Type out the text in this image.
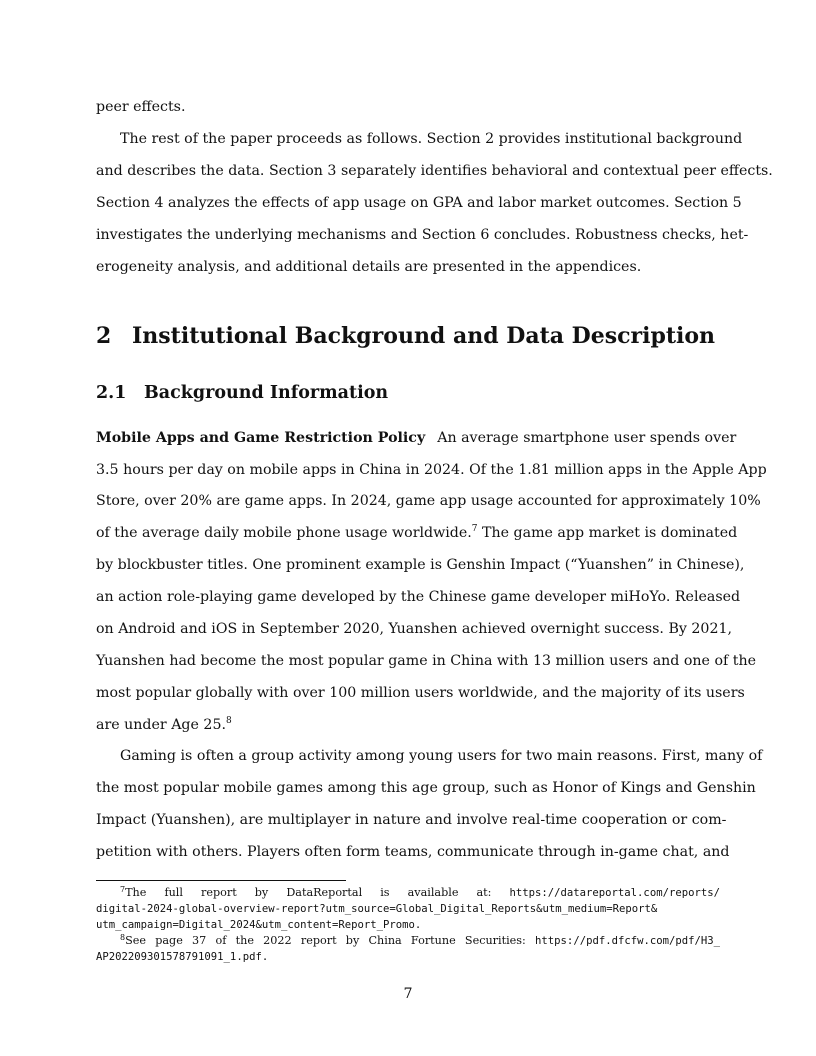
peer effects.
The rest of the paper proceeds as follows. Section 2 provides institutional background
and describes the data. Section 3 separately identifies behavioral and contextual peer effects.
Section 4 analyzes the effects of app usage on GPA and labor market outcomes. Section 5
investigates the underlying mechanisms and Section 6 concludes. Robustness checks, het-
erogeneity analysis, and additional details are presented in the appendices.
2 Institutional Background and Data Description
2.1 Background Information
Mobile Apps and Game Restriction Policy An average smartphone user spends over
3.5 hours per day on mobile apps in China in 2024. Of the 1.81 million apps in the Apple App
Store, over 20% are game apps. In 2024, game app usage accounted for approximately 10%
of the average daily mobile phone usage worldwide.$^7$ The game app market is dominated
by blockbuster titles. One prominent example is Genshin Impact (“Yuanshen” in Chinese),
an action role-playing game developed by the Chinese game developer miHoYo. Released
on Android and iOS in September 2020, Yuanshen achieved overnight success. By 2021,
Yuanshen had become the most popular game in China with 13 million users and one of the
most popular globally with over 100 million users worldwide, and the majority of its users
are under Age 25.$^8$
Gaming is often a group activity among young users for two main reasons. First, many of
the most popular mobile games among this age group, such as Honor of Kings and Genshin
Impact (Yuanshen), are multiplayer in nature and involve real-time cooperation or com-
petition with others. Players often form teams, communicate through in-game chat, and
$^7$The full report by DataReportal is available at: https://datareportal.com/reports/
digital-2024-global-overview-report?utm_source=Global_Digital_Reports&utm_medium=Report&
utm_campaign=Digital_2024&utm_content=Report_Promo.
$^8$See page 37 of the 2022 report by China Fortune Securities: https://pdf.dfcfw.com/pdf/H3_
AP202209301578791091_1.pdf.
7
